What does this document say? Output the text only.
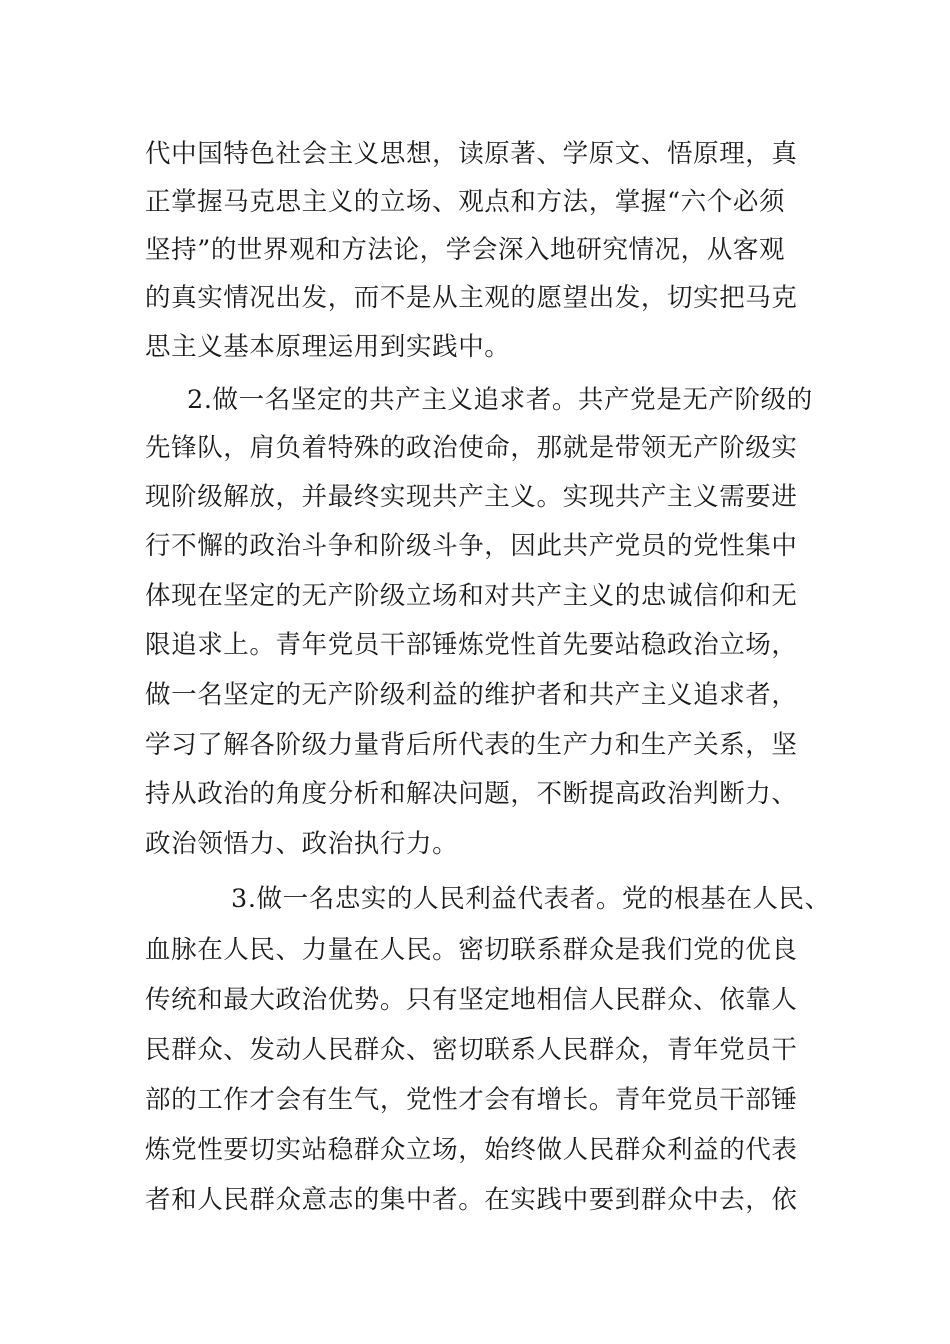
代中国特色社会主义思想，读原著、学原文、悟原理，真
正掌握马克思主义的立场、观点和方法，掌握“六个必须
坚持”的世界观和方法论，学会深入地研究情况，从客观
的真实情况出发，而不是从主观的愿望出发，切实把马克
思主义基本原理运用到实践中。
2.做一名坚定的共产主义追求者。共产党是无产阶级的
先锋队，肩负着特殊的政治使命，那就是带领无产阶级实
现阶级解放，并最终实现共产主义。实现共产主义需要进
行不懈的政治斗争和阶级斗争，因此共产党员的党性集中
体现在坚定的无产阶级立场和对共产主义的忠诚信仰和无
限追求上。青年党员干部锤炼党性首先要站稳政治立场，
做一名坚定的无产阶级利益的维护者和共产主义追求者，
学习了解各阶级力量背后所代表的生产力和生产关系，坚
持从政治的角度分析和解决问题，不断提高政治判断力、
政治领悟力、政治执行力。
3.做一名忠实的人民利益代表者。党的根基在人民、
血脉在人民、力量在人民。密切联系群众是我们党的优良
传统和最大政治优势。只有坚定地相信人民群众、依靠人
民群众、发动人民群众、密切联系人民群众，青年党员干
部的工作才会有生气，党性才会有增长。青年党员干部锤
炼党性要切实站稳群众立场，始终做人民群众利益的代表
者和人民群众意志的集中者。在实践中要到群众中去，依
